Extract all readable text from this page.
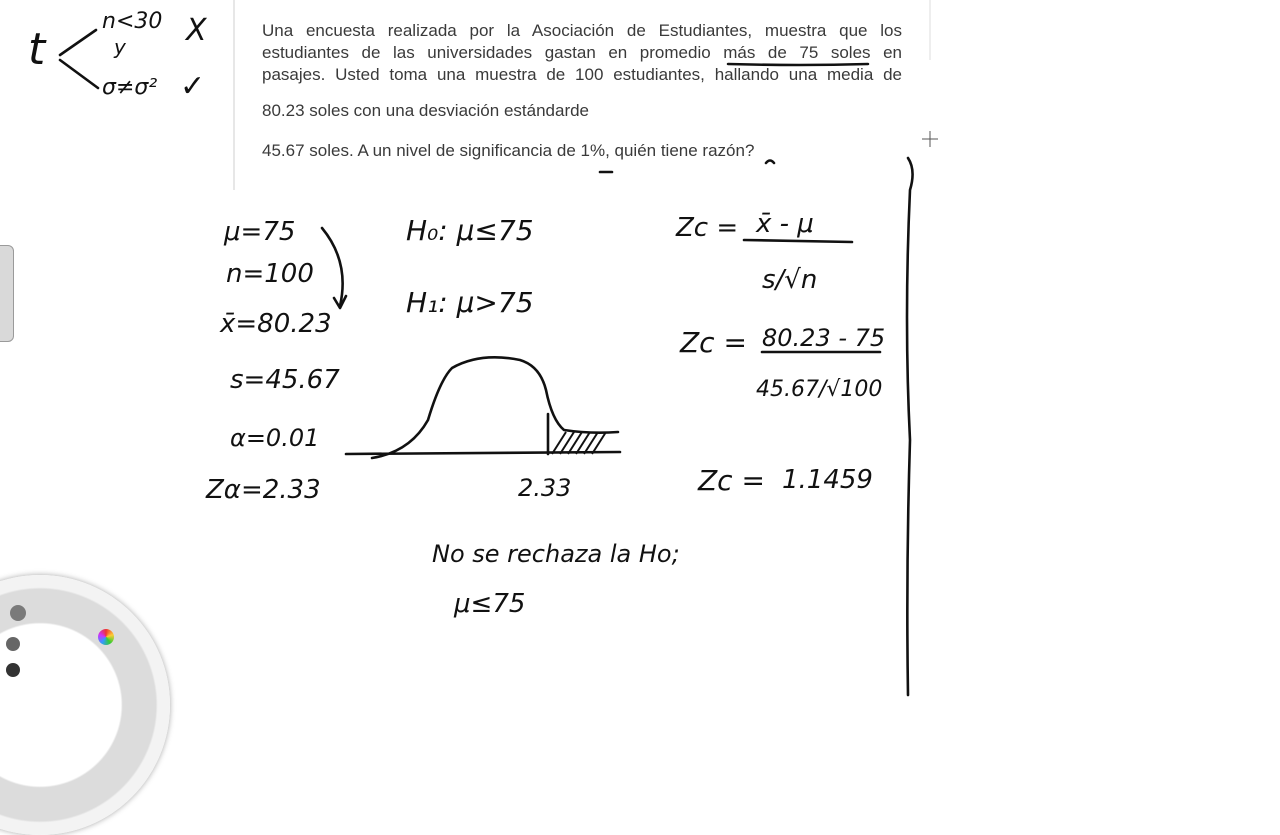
Una encuesta realizada por la Asociación de Estudiantes, muestra que los

estudiantes de las universidades gastan en promedio más de 75 soles en

pasajes. Usted toma una muestra de 100 estudiantes, hallando una media de

80.23 soles con una desviación estándarde

45.67 soles. A un nivel de significancia de 1%, quién tiene razón?

t
n<30
y
σ≠σ²
X
✓
μ=75
n=100
x̄=80.23
s=45.67
α=0.01
Zα=2.33
H₀: μ≤75
H₁: μ>75
2.33
No se rechaza la Ho;
μ≤75
Zc = x̄ - μ
s/√n
Zc = 80.23 - 75
45.67/√100
Zc = 1.1459
